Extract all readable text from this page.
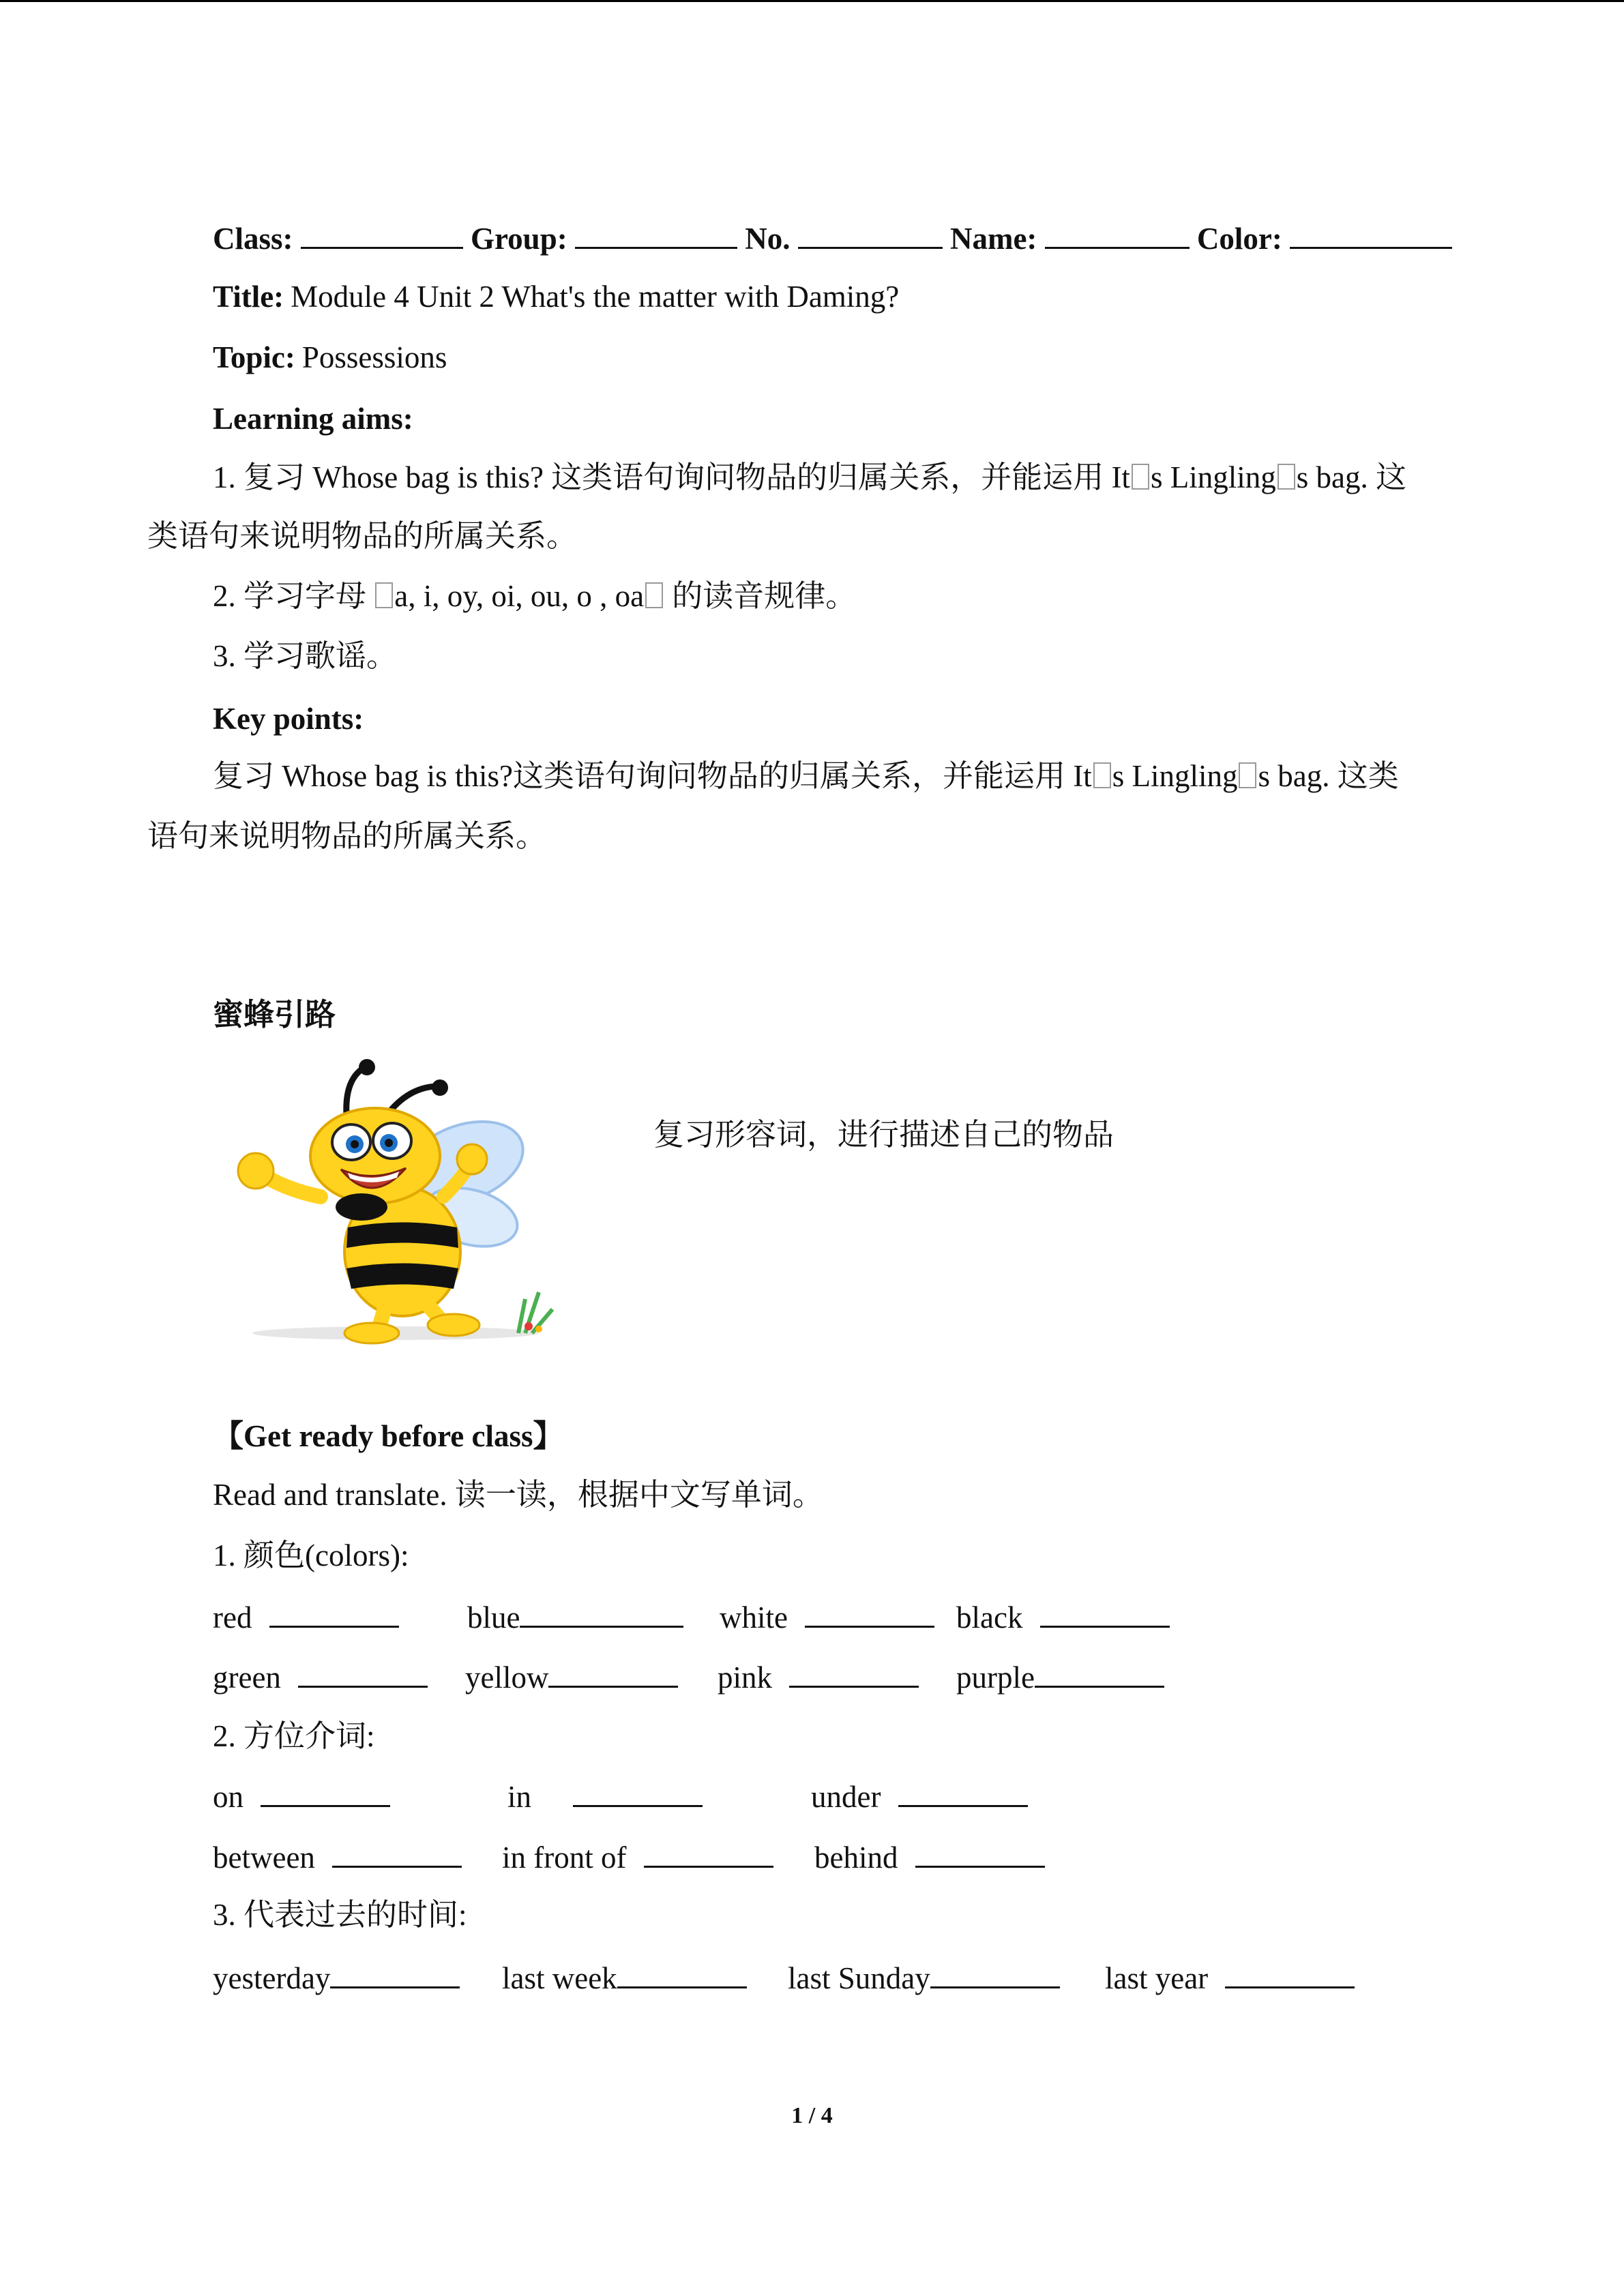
Class:	Group:	No.	Name:	Color:
Title: Module 4 Unit 2 What's the matter with Daming?
Topic: Possessions
Learning aims:
1. 复习 Whose bag is this? 这类语句询问物品的归属关系，并能运用 It s Lingling s bag. 这
类语句来说明物品的所属关系。
2. 学习字母 a, i, oy, oi, ou, o , oa 的读音规律。
3. 学习歌谣。
Key points:
复习 Whose bag is this?这类语句询问物品的归属关系，并能运用 It s Lingling s bag. 这类
语句来说明物品的所属关系。
蜜蜂引路
复习形容词，进行描述自己的物品
【Get ready before class】
Read and translate. 读一读，根据中文写单词。
1. 颜色(colors):
red	blue	white	black
green	yellow	pink	purple
2. 方位介词:
on	in	under
between	in front of	behind
3. 代表过去的时间:
yesterday	last week	last Sunday	last year
1 / 4
